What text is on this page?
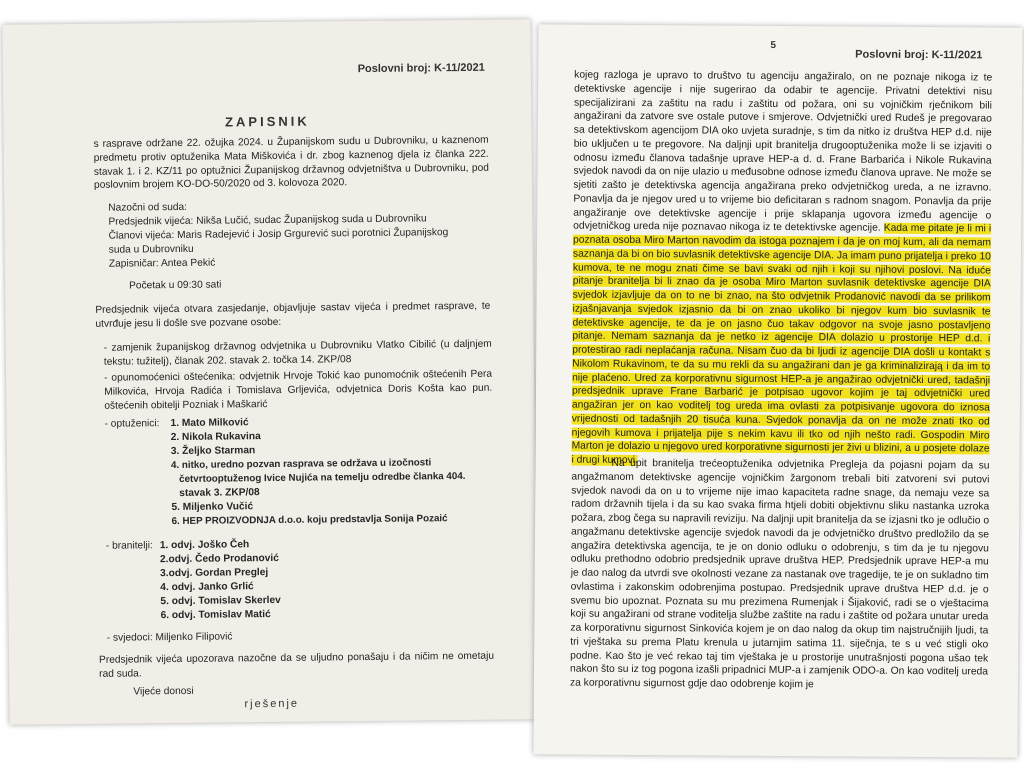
Poslovni broj: K-11/2021
ZAPISNIK
s rasprave održane 22. ožujka 2024. u Županijskom sudu u Dubrovniku, u kaznenom predmetu protiv optuženika Mata Miškovića i dr. zbog kaznenog djela iz članka 222. stavak 1. i 2. KZ/11 po optužnici Županijskog državnog odvjetništva u Dubrovniku, pod poslovnim brojem KO-DO-50/2020 od 3. kolovoza 2020.
Nazočni od suda:
Predsjednik vijeća: Nikša Lučić, sudac Županijskog suda u Dubrovniku
Članovi vijeća: Maris Radejević i Josip Grgurević suci porotnici Županijskog
suda u Dubrovniku
Zapisničar: Antea Pekić
Početak u 09:30 sati
Predsjednik vijeća otvara zasjedanje, objavljuje sastav vijeća i predmet rasprave, te utvrđuje jesu li došle sve pozvane osobe:
- zamjenik županijskog državnog odvjetnika u Dubrovniku Vlatko Cibilić (u daljnjem tekstu: tužitelj), članak 202. stavak 2. točka 14. ZKP/08
- opunomoćenici oštećenika: odvjetnik Hrvoje Tokić kao punomoćnik oštećenih Pera Milkovića, Hrvoja Radića i Tomislava Grljevića, odvjetnica Doris Košta kao pun. oštećenih obitelji Pozniak i Maškarić
- optuženici: 1. Mato Milković
2. Nikola Rukavina
3. Željko Starman
4. nitko, uredno pozvan rasprava se održava u izočnosti
četvrtooptuženog Ivice Nujića na temelju odredbe članka 404.
stavak 3. ZKP/08
5. Miljenko Vučić
6. HEP PROIZVODNJA d.o.o. koju predstavlja Sonija Pozaić
- branitelji: 1. odvj. Joško Čeh
2.odvj. Čedo Prodanović
3.odvj. Gordan Preglej
4. odvj. Janko Grlić
5. odvj. Tomislav Skerlev
6. odvj. Tomislav Matić
- svjedoci: Miljenko Filipović
Predsjednik vijeća upozorava nazočne da se uljudno ponašaju i da ničim ne ometaju rad suda.
Vijeće donosi
rješenje
5
Poslovni broj: K-11/2021
kojeg razloga je upravo to društvo tu agenciju angažiralo, on ne poznaje nikoga iz te detektivske agencije i nije sugerirao da odabir te agencije. Privatni detektivi nisu specijalizirani za zaštitu na radu i zaštitu od požara, oni su vojničkim rječnikom bili angažirani da zatvore sve ostale putove i smjerove. Odvjetnički ured Rudeš je pregovarao sa detektivskom agencijom DIA oko uvjeta suradnje, s tim da nitko iz društva HEP d.d. nije bio uključen u te pregovore. Na daljnji upit branitelja drugooptuženika može li se izjaviti o odnosu između članova tadašnje uprave HEP-a d. d. Frane Barbarića i Nikole Rukavina svjedok navodi da on nije ulazio u međusobne odnose između članova uprave. Ne može se sjetiti zašto je detektivska agencija angažirana preko odvjetničkog ureda, a ne izravno. Ponavlja da je njegov ured u to vrijeme bio deficitaran s radnom snagom. Ponavlja da prije angažiranje ove detektivske agencije i prije sklapanja ugovora između agencije o odvjetničkog ureda nije poznavao nikoga iz te detektivske agencije. Kada me pitate je li mi i poznata osoba Miro Marton navodim da istoga poznajem i da je on moj kum, ali da nemam saznanja da bi on bio suvlasnik detektivske agencije DIA. Ja imam puno prijatelja i preko 10 kumova, te ne mogu znati čime se bavi svaki od njih i koji su njihovi poslovi. Na iduće pitanje branitelja bi li znao da je osoba Miro Marton suvlasnik detektivske agencije DIA svjedok izjavljuje da on to ne bi znao, na što odvjetnik Prodanović navodi da se prilikom izjašnjavanja svjedok izjasnio da bi on znao ukoliko bi njegov kum bio suvlasnik te detektivske agencije, te da je on jasno čuo takav odgovor na svoje jasno postavljeno pitanje. Nemam saznanja da je netko iz agencije DIA dolazio u prostorije HEP d.d. i protestirao radi neplaćanja računa. Nisam čuo da bi ljudi iz agencije DIA došli u kontakt s Nikolom Rukavinom, te da su mu rekli da su angažirani dan je ga kriminalizirają i da im to nije plaćeno. Ured za korporativnu sigurnost HEP-a je angažirao odvjetnički ured, tadašnji predsjednik uprave Frane Barbarić je potpisao ugovor kojim je taj odvjetnički ured angažiran jer on kao voditelj tog ureda ima ovlasti za potpisivanje ugovora do iznosa vrijednosti od tadašnjih 20 tisuća kuna. Svjedok ponavlja da on ne može znati tko od njegovih kumova i prijatelja pije s nekim kavu ili tko od njih nešto radi. Gospodin Miro Marton je dolazio u njegovo ured korporativne sigurnosti jer živi u blizini, a u posjete dolaze i drugi kumovi.
Na upit branitelja trećeoptuženika odvjetnika Pregleja da pojasni pojam da su angažmanom detektivske agencije vojničkim žargonom trebali biti zatvoreni svi putovi svjedok navodi da on u to vrijeme nije imao kapaciteta radne snage, da nemaju veze sa radom državnih tijela i da su kao svaka firma htjeli dobiti objektivnu sliku nastanka uzroka požara, zbog čega su napravili reviziju. Na daljnji upit branitelja da se izjasni tko je odlučio o angažmanu detektivske agencije svjedok navodi da je odvjetničko društvo predložilo da se angažira detektivska agencija, te je on donio odluku o odobrenju, s tim da je tu njegovu odluku prethodno odobrio predsjednik uprave društva HEP. Predsjednik uprave HEP-a mu je dao nalog da utvrdi sve okolnosti vezane za nastanak ove tragedije, te je on sukladno tim ovlastima i zakonskim odobrenjima postupao. Predsjednik uprave društva HEP d.d. je o svemu bio upoznat. Poznata su mu prezimena Rumenjak i Šijaković, radi se o vještacima koji su angažirani od strane voditelja službe zaštite na radu i zaštite od požara unutar ureda za korporativnu sigurnost Sinkovića kojem je on dao nalog da okup tim najstručnijih ljudi, ta tri vještaka su prema Platu krenula u jutarnjim satima 11. siječnja, te s u već stigli oko podne. Kao što je već rekao taj tim vještaka je u prostorije unutrašnjosti pogona ušao tek nakon što su iz tog pogona izašli pripadnici MUP-a i zamjenik ODO-a. On kao voditelj ureda za korporativnu sigurnost gdje dao odobrenje kojim je
